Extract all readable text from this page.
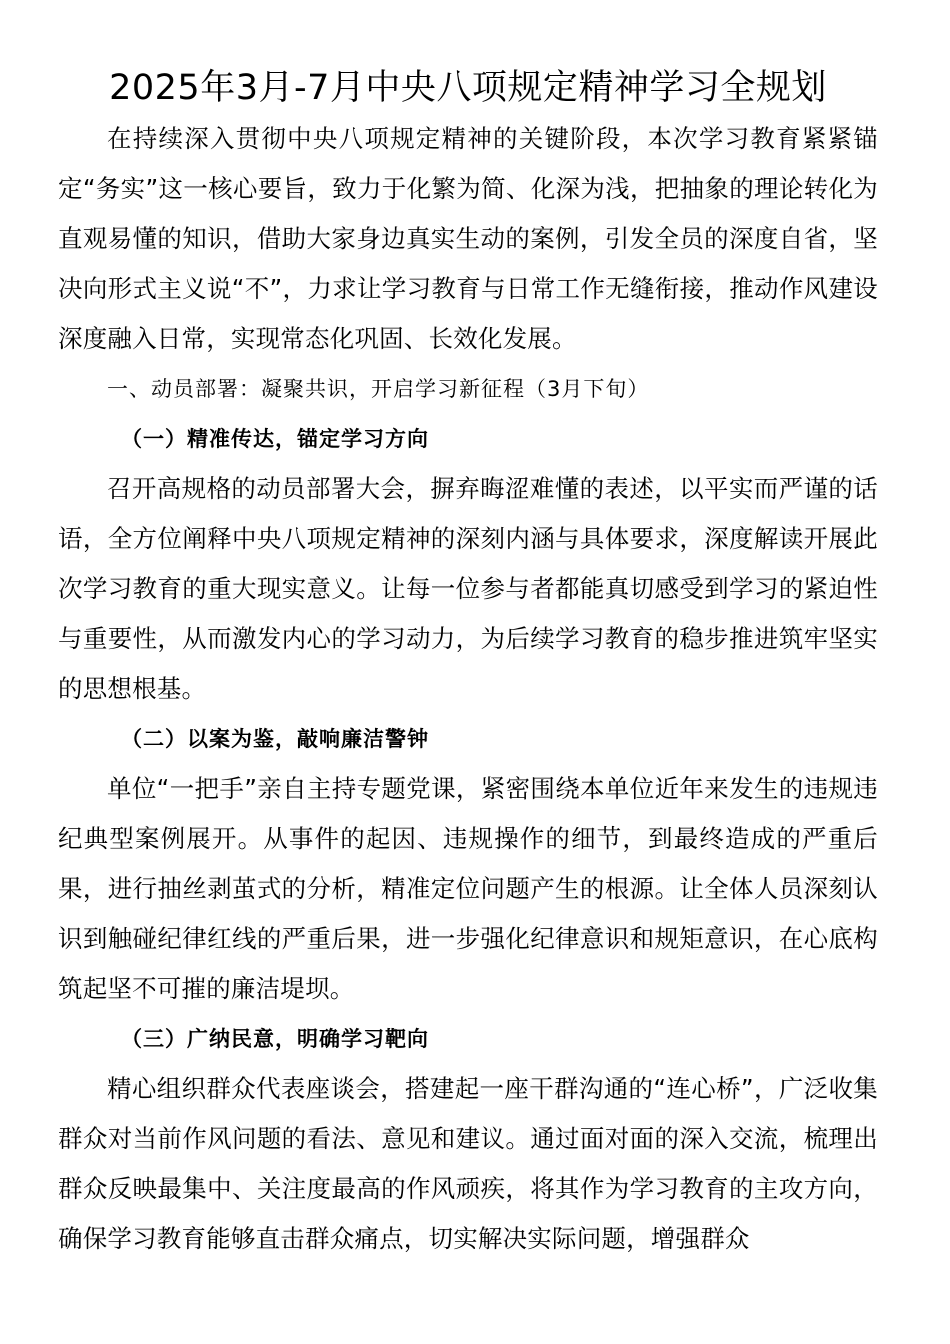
2025年3月-7月中央八项规定精神学习全规划

在持续深入贯彻中央八项规定精神的关键阶段，本次学习教育紧紧锚定“务实”这一核心要旨，致力于化繁为简、化深为浅，把抽象的理论转化为直观易懂的知识，借助大家身边真实生动的案例，引发全员的深度自省，坚决向形式主义说“不”，力求让学习教育与日常工作无缝衔接，推动作风建设深度融入日常，实现常态化巩固、长效化发展。

一、动员部署：凝聚共识，开启学习新征程（3月下旬）

（一）精准传达，锚定学习方向

召开高规格的动员部署大会，摒弃晦涩难懂的表述，以平实而严谨的话语，全方位阐释中央八项规定精神的深刻内涵与具体要求，深度解读开展此次学习教育的重大现实意义。让每一位参与者都能真切感受到学习的紧迫性与重要性，从而激发内心的学习动力，为后续学习教育的稳步推进筑牢坚实的思想根基。

（二）以案为鉴，敲响廉洁警钟

单位“一把手”亲自主持专题党课，紧密围绕本单位近年来发生的违规违纪典型案例展开。从事件的起因、违规操作的细节，到最终造成的严重后果，进行抽丝剥茧式的分析，精准定位问题产生的根源。让全体人员深刻认识到触碰纪律红线的严重后果，进一步强化纪律意识和规矩意识，在心底构筑起坚不可摧的廉洁堤坝。

（三）广纳民意，明确学习靶向

精心组织群众代表座谈会，搭建起一座干群沟通的“连心桥”，广泛收集群众对当前作风问题的看法、意见和建议。通过面对面的深入交流，梳理出群众反映最集中、关注度最高的作风顽疾，将其作为学习教育的主攻方向，确保学习教育能够直击群众痛点，切实解决实际问题，增强群众
